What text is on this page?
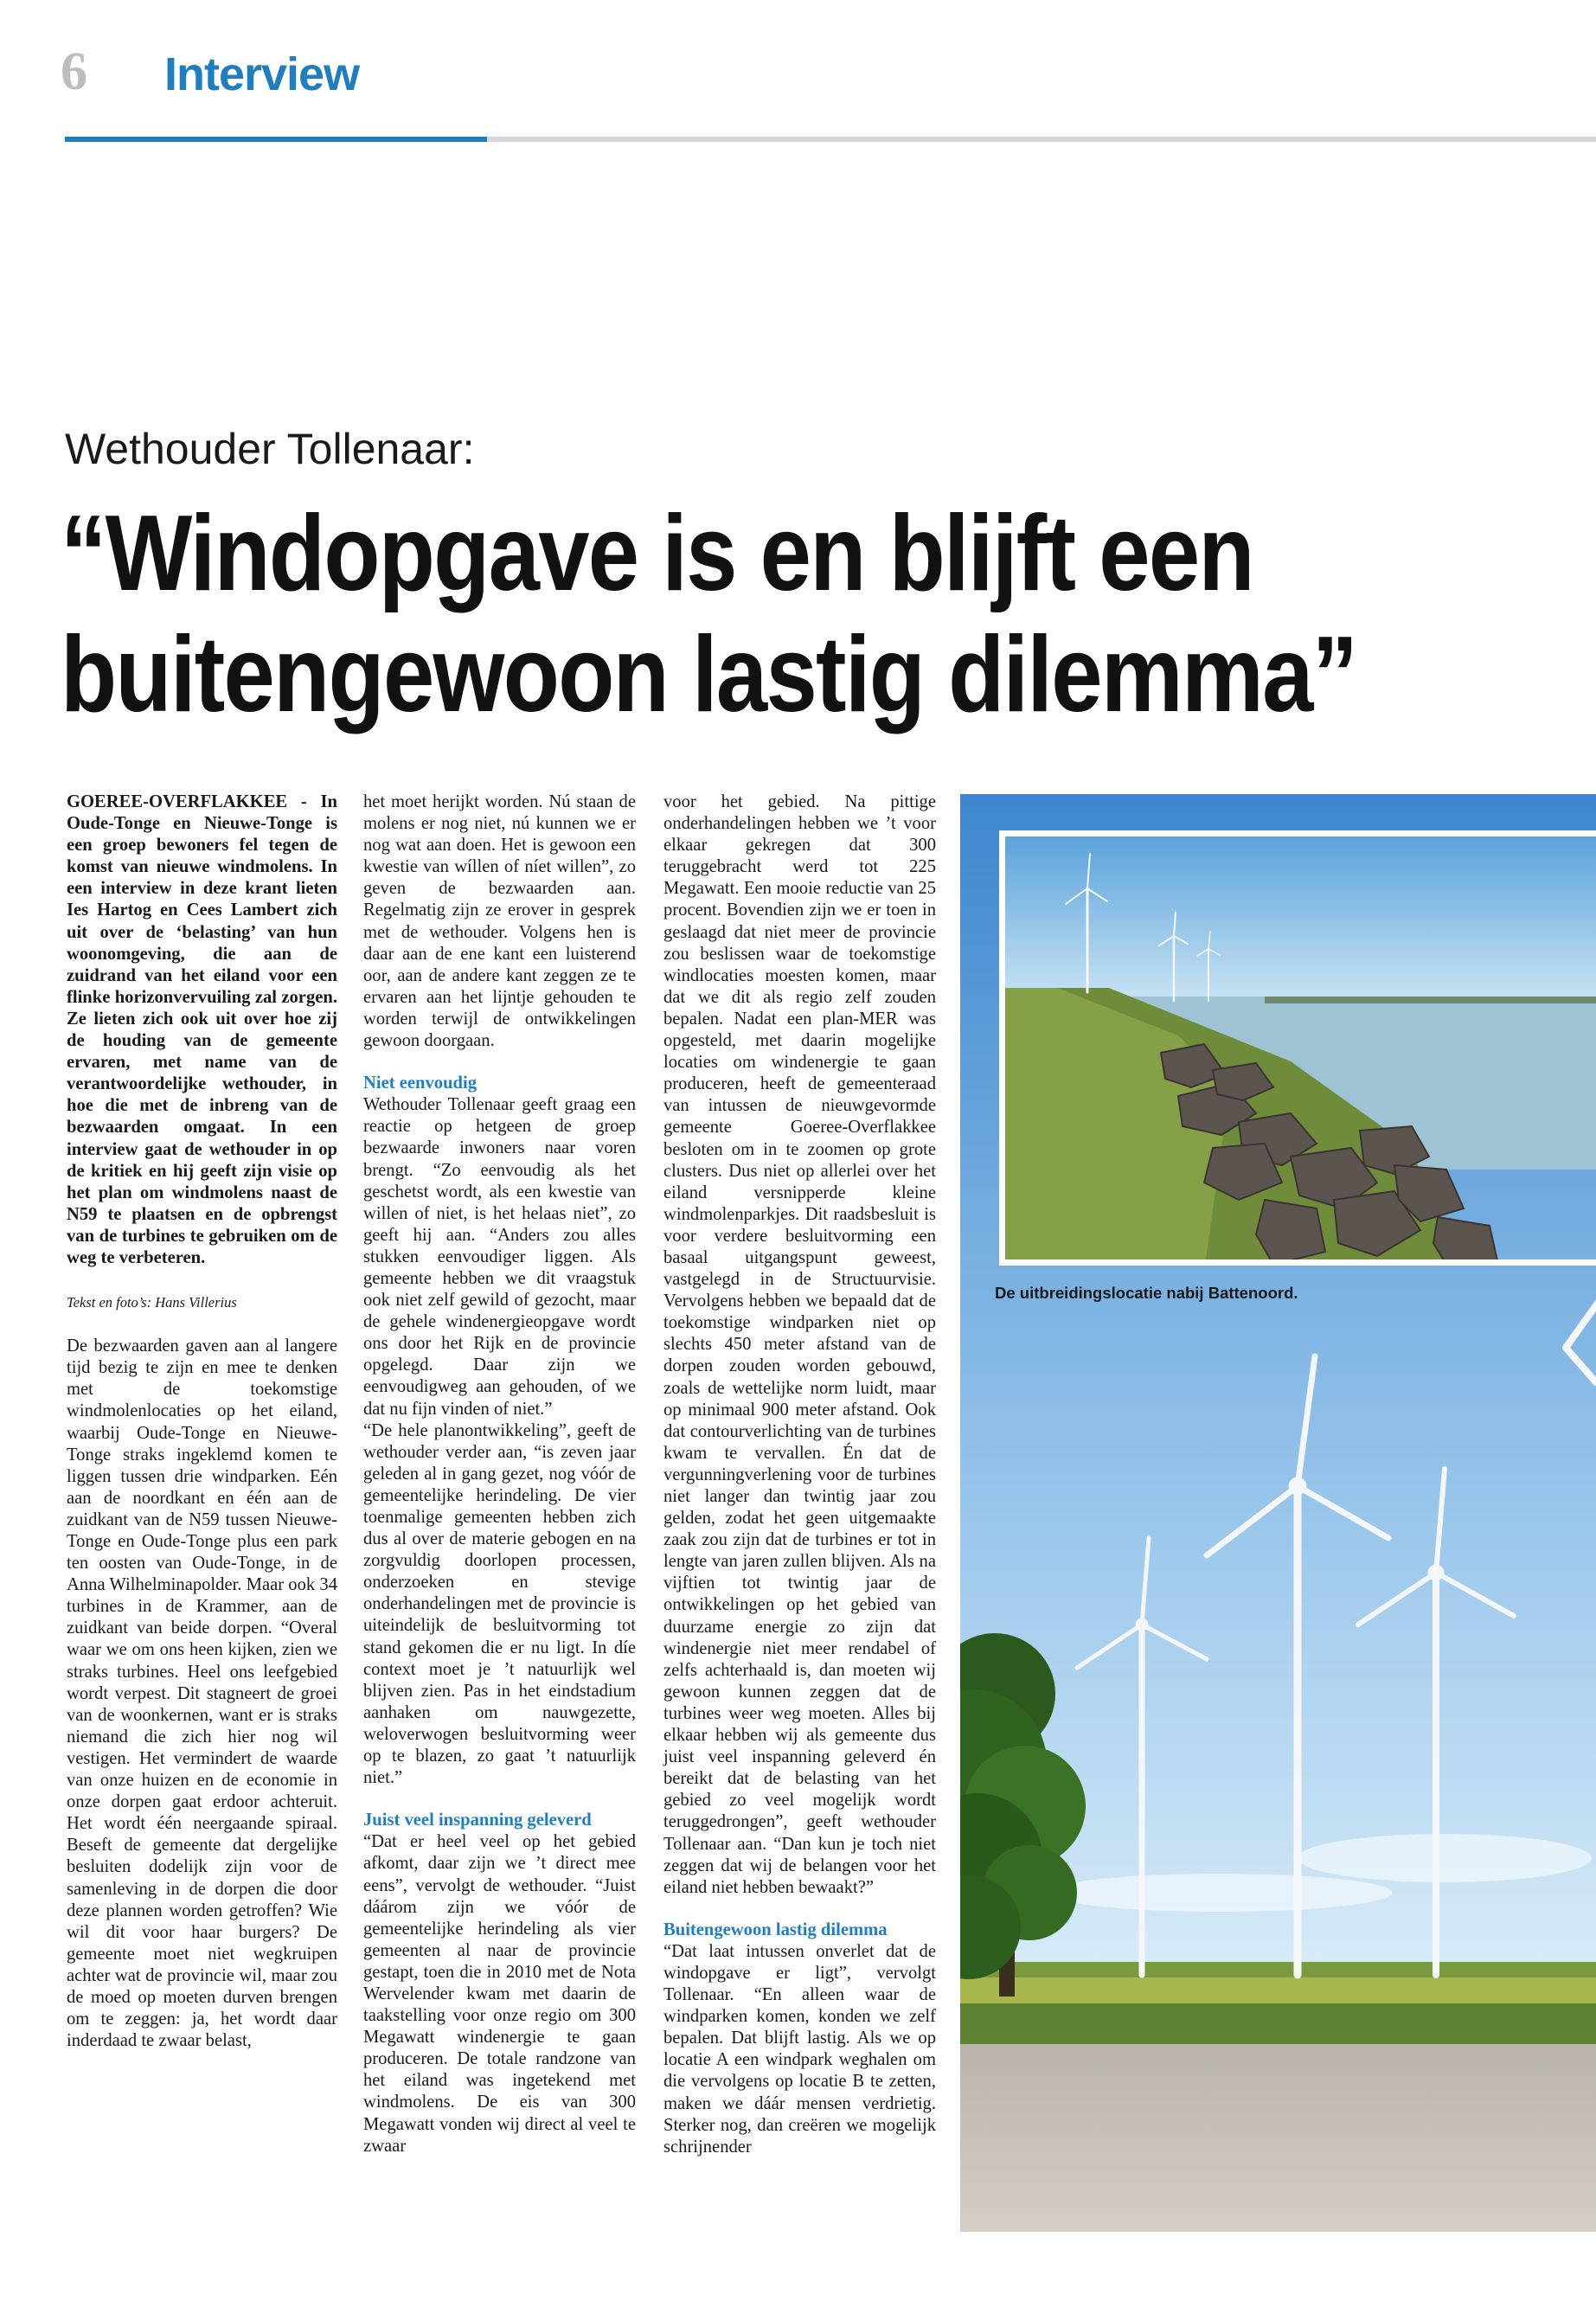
6 Interview
Wethouder Tollenaar:
“Windopgave is en blijft een
buitengewoon lastig dilemma”

GOEREE-OVERFLAKKEE - In Oude-Tonge en Nieuwe-Tonge is een groep bewoners fel tegen de komst van nieuwe windmolens. In een interview in deze krant lieten Ies Hartog en Cees Lambert zich uit over de ‘belasting’ van hun woonomgeving, die aan de zuidrand van het eiland voor een flinke horizonvervuiling zal zorgen. Ze lieten zich ook uit over hoe zij de houding van de gemeente ervaren, met name van de verantwoordelijke wethouder, in hoe die met de inbreng van de bezwaarden omgaat. In een interview gaat de wethouder in op de kritiek en hij geeft zijn visie op het plan om windmolens naast de N59 te plaatsen en de opbrengst van de turbines te gebruiken om de weg te verbeteren.

Tekst en foto’s: Hans Villerius

De bezwaarden gaven aan al langere tijd bezig te zijn en mee te denken met de toekomstige windmolenlocaties op het eiland, waarbij Oude-Tonge en Nieuwe-Tonge straks ingeklemd komen te liggen tussen drie windparken. Eén aan de noordkant en één aan de zuidkant van de N59 tussen Nieuwe-Tonge en Oude-Tonge plus een park ten oosten van Oude-Tonge, in de Anna Wilhelminapolder. Maar ook 34 turbines in de Krammer, aan de zuidkant van beide dorpen. “Overal waar we om ons heen kijken, zien we straks turbines. Heel ons leefgebied wordt verpest. Dit stagneert de groei van de woonkernen, want er is straks niemand die zich hier nog wil vestigen. Het vermindert de waarde van onze huizen en de economie in onze dorpen gaat erdoor achteruit. Het wordt één neergaande spiraal. Beseft de gemeente dat dergelijke besluiten dodelijk zijn voor de samenleving in de dorpen die door deze plannen worden getroffen? Wie wil dit voor haar burgers? De gemeente moet niet wegkruipen achter wat de provincie wil, maar zou de moed op moeten durven brengen om te zeggen: ja, het wordt daar inderdaad te zwaar belast,

het moet herijkt worden. Nú staan de molens er nog niet, nú kunnen we er nog wat aan doen. Het is gewoon een kwestie van wíllen of níet willen”, zo geven de bezwaarden aan. Regelmatig zijn ze erover in gesprek met de wethouder. Volgens hen is daar aan de ene kant een luisterend oor, aan de andere kant zeggen ze te ervaren aan het lijntje gehouden te worden terwijl de ontwikkelingen gewoon doorgaan.

Niet eenvoudig

Wethouder Tollenaar geeft graag een reactie op hetgeen de groep bezwaarde inwoners naar voren brengt. “Zo eenvoudig als het geschetst wordt, als een kwestie van willen of niet, is het helaas niet”, zo geeft hij aan. “Anders zou alles stukken eenvoudiger liggen. Als gemeente hebben we dit vraagstuk ook niet zelf gewild of gezocht, maar de gehele windenergieopgave wordt ons door het Rijk en de provincie opgelegd. Daar zijn we eenvoudigweg aan gehouden, of we dat nu fijn vinden of niet.”

“De hele planontwikkeling”, geeft de wethouder verder aan, “is zeven jaar geleden al in gang gezet, nog vóór de gemeentelijke herindeling. De vier toenmalige gemeenten hebben zich dus al over de materie gebogen en na zorgvuldig doorlopen processen, onderzoeken en stevige onderhandelingen met de provincie is uiteindelijk de besluitvorming tot stand gekomen die er nu ligt. In díe context moet je ’t natuurlijk wel blijven zien. Pas in het eindstadium aanhaken om nauwgezette, weloverwogen besluitvorming weer op te blazen, zo gaat ’t natuurlijk niet.”

Juist veel inspanning geleverd

“Dat er heel veel op het gebied afkomt, daar zijn we ’t direct mee eens”, vervolgt de wethouder. “Juist dáárom zijn we vóór de gemeentelijke herindeling als vier gemeenten al naar de provincie gestapt, toen die in 2010 met de Nota Wervelender kwam met daarin de taakstelling voor onze regio om 300 Megawatt windenergie te gaan produceren. De totale randzone van het eiland was ingetekend met windmolens. De eis van 300 Megawatt vonden wij direct al veel te zwaar

voor het gebied. Na pittige onderhandelingen hebben we ’t voor elkaar gekregen dat 300 teruggebracht werd tot 225 Megawatt. Een mooie reductie van 25 procent. Bovendien zijn we er toen in geslaagd dat niet meer de provincie zou beslissen waar de toekomstige windlocaties moesten komen, maar dat we dit als regio zelf zouden bepalen. Nadat een plan-MER was opgesteld, met daarin mogelijke locaties om windenergie te gaan produceren, heeft de gemeenteraad van intussen de nieuwgevormde gemeente Goeree-Overflakkee besloten om in te zoomen op grote clusters. Dus niet op allerlei over het eiland versnipperde kleine windmolenparkjes. Dit raadsbesluit is voor verdere besluitvorming een basaal uitgangspunt geweest, vastgelegd in de Structuurvisie. Vervolgens hebben we bepaald dat de toekomstige windparken niet op slechts 450 meter afstand van de dorpen zouden worden gebouwd, zoals de wettelijke norm luidt, maar op minimaal 900 meter afstand. Ook dat contourverlichting van de turbines kwam te vervallen. Én dat de vergunningverlening voor de turbines niet langer dan twintig jaar zou gelden, zodat het geen uitgemaakte zaak zou zijn dat de turbines er tot in lengte van jaren zullen blijven. Als na vijftien tot twintig jaar de ontwikkelingen op het gebied van duurzame energie zo zijn dat windenergie niet meer rendabel of zelfs achterhaald is, dan moeten wij gewoon kunnen zeggen dat de turbines weer weg moeten. Alles bij elkaar hebben wij als gemeente dus juist veel inspanning geleverd én bereikt dat de belasting van het gebied zo veel mogelijk wordt teruggedrongen”, geeft wethouder Tollenaar aan. “Dan kun je toch niet zeggen dat wij de belangen voor het eiland niet hebben bewaakt?”

Buitengewoon lastig dilemma

“Dat laat intussen onverlet dat de windopgave er ligt”, vervolgt Tollenaar. “En alleen waar de windparken komen, konden we zelf bepalen. Dat blijft lastig. Als we op locatie A een windpark weghalen om die vervolgens op locatie B te zetten, maken we dáár mensen verdrietig. Sterker nog, dan creëren we mogelijk schrijnender

De uitbreidingslocatie nabij Battenoord.
